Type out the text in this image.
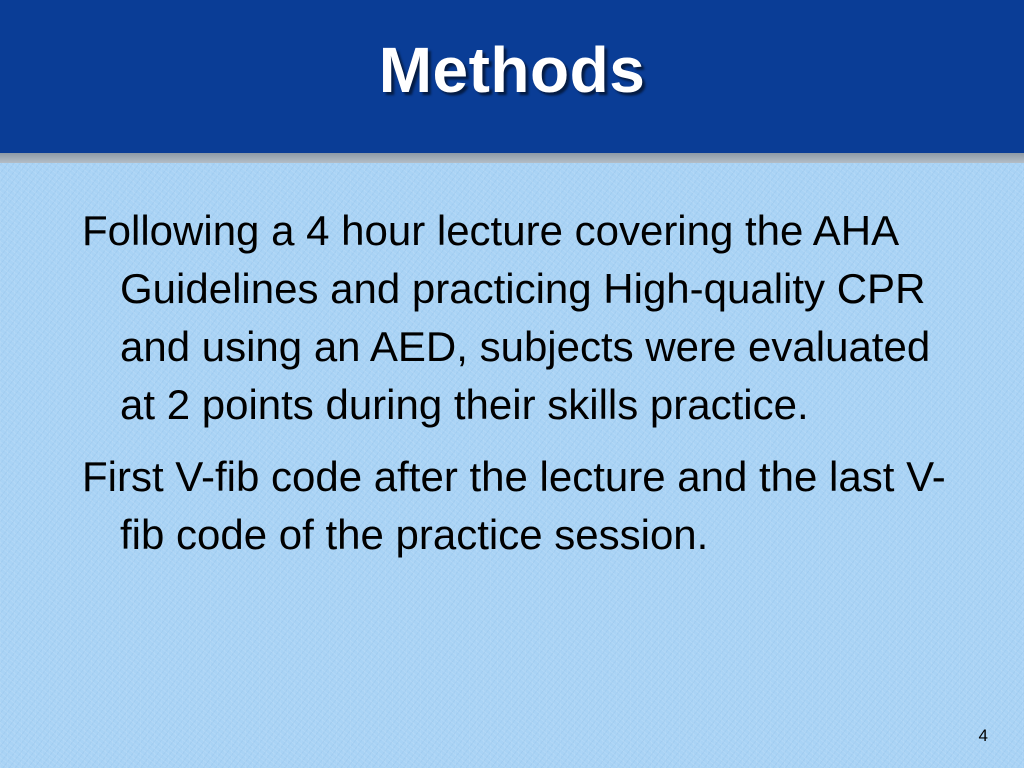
Methods

Following a 4 hour lecture covering the AHA Guidelines and practicing High-quality CPR and using an AED, subjects were evaluated at 2 points during their skills practice.

First V-fib code after the lecture and the last V-fib code of the practice session.

4
